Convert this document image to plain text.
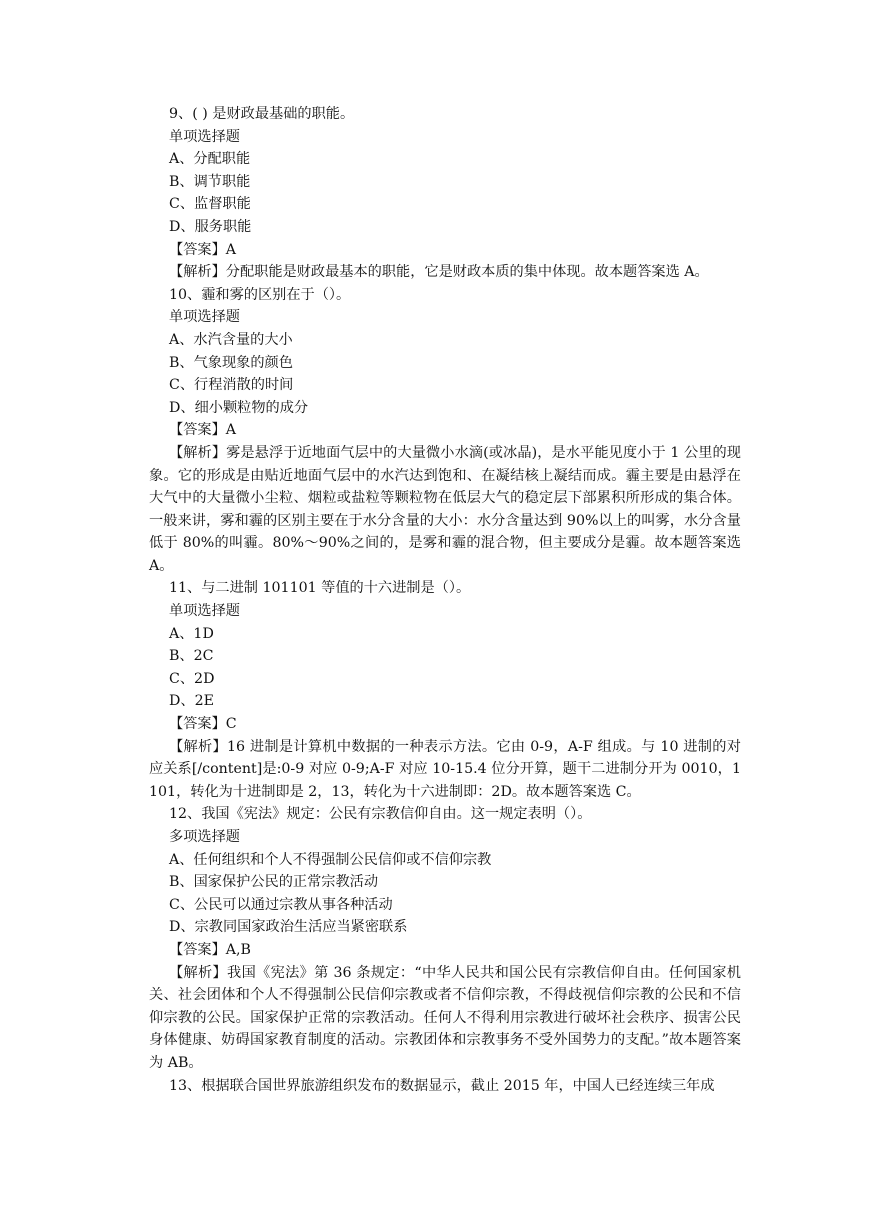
9、( ) 是财政最基础的职能。

单项选择题

A、分配职能

B、调节职能

C、监督职能

D、服务职能

【答案】A

【解析】分配职能是财政最基本的职能，它是财政本质的集中体现。故本题答案选 A。

10、霾和雾的区别在于（）。

单项选择题

A、水汽含量的大小

B、气象现象的颜色

C、行程消散的时间

D、细小颗粒物的成分

【答案】A

【解析】雾是悬浮于近地面气层中的大量微小水滴(或冰晶)，是水平能见度小于 1 公里的现象。它的形成是由贴近地面气层中的水汽达到饱和、在凝结核上凝结而成。霾主要是由悬浮在大气中的大量微小尘粒、烟粒或盐粒等颗粒物在低层大气的稳定层下部累积所形成的集合体。一般来讲，雾和霾的区别主要在于水分含量的大小：水分含量达到 90%以上的叫雾，水分含量低于 80%的叫霾。80%～90%之间的，是雾和霾的混合物，但主要成分是霾。故本题答案选 A。

11、与二进制 101101 等值的十六进制是（）。

单项选择题

A、1D

B、2C

C、2D

D、2E

【答案】C

【解析】16 进制是计算机中数据的一种表示方法。它由 0-9，A-F 组成。与 10 进制的对应关系[/content]是:0-9 对应 0-9;A-F 对应 10-15.4 位分开算，题干二进制分开为 0010，1101，转化为十进制即是 2，13，转化为十六进制即：2D。故本题答案选 C。

12、我国《宪法》规定：公民有宗教信仰自由。这一规定表明（）。

多项选择题

A、任何组织和个人不得强制公民信仰或不信仰宗教

B、国家保护公民的正常宗教活动

C、公民可以通过宗教从事各种活动

D、宗教同国家政治生活应当紧密联系

【答案】A,B

【解析】我国《宪法》第 36 条规定：“中华人民共和国公民有宗教信仰自由。任何国家机关、社会团体和个人不得强制公民信仰宗教或者不信仰宗教，不得歧视信仰宗教的公民和不信仰宗教的公民。国家保护正常的宗教活动。任何人不得利用宗教进行破坏社会秩序、损害公民身体健康、妨碍国家教育制度的活动。宗教团体和宗教事务不受外国势力的支配。”故本题答案为 AB。

13、根据联合国世界旅游组织发布的数据显示，截止 2015 年，中国人已经连续三年成
